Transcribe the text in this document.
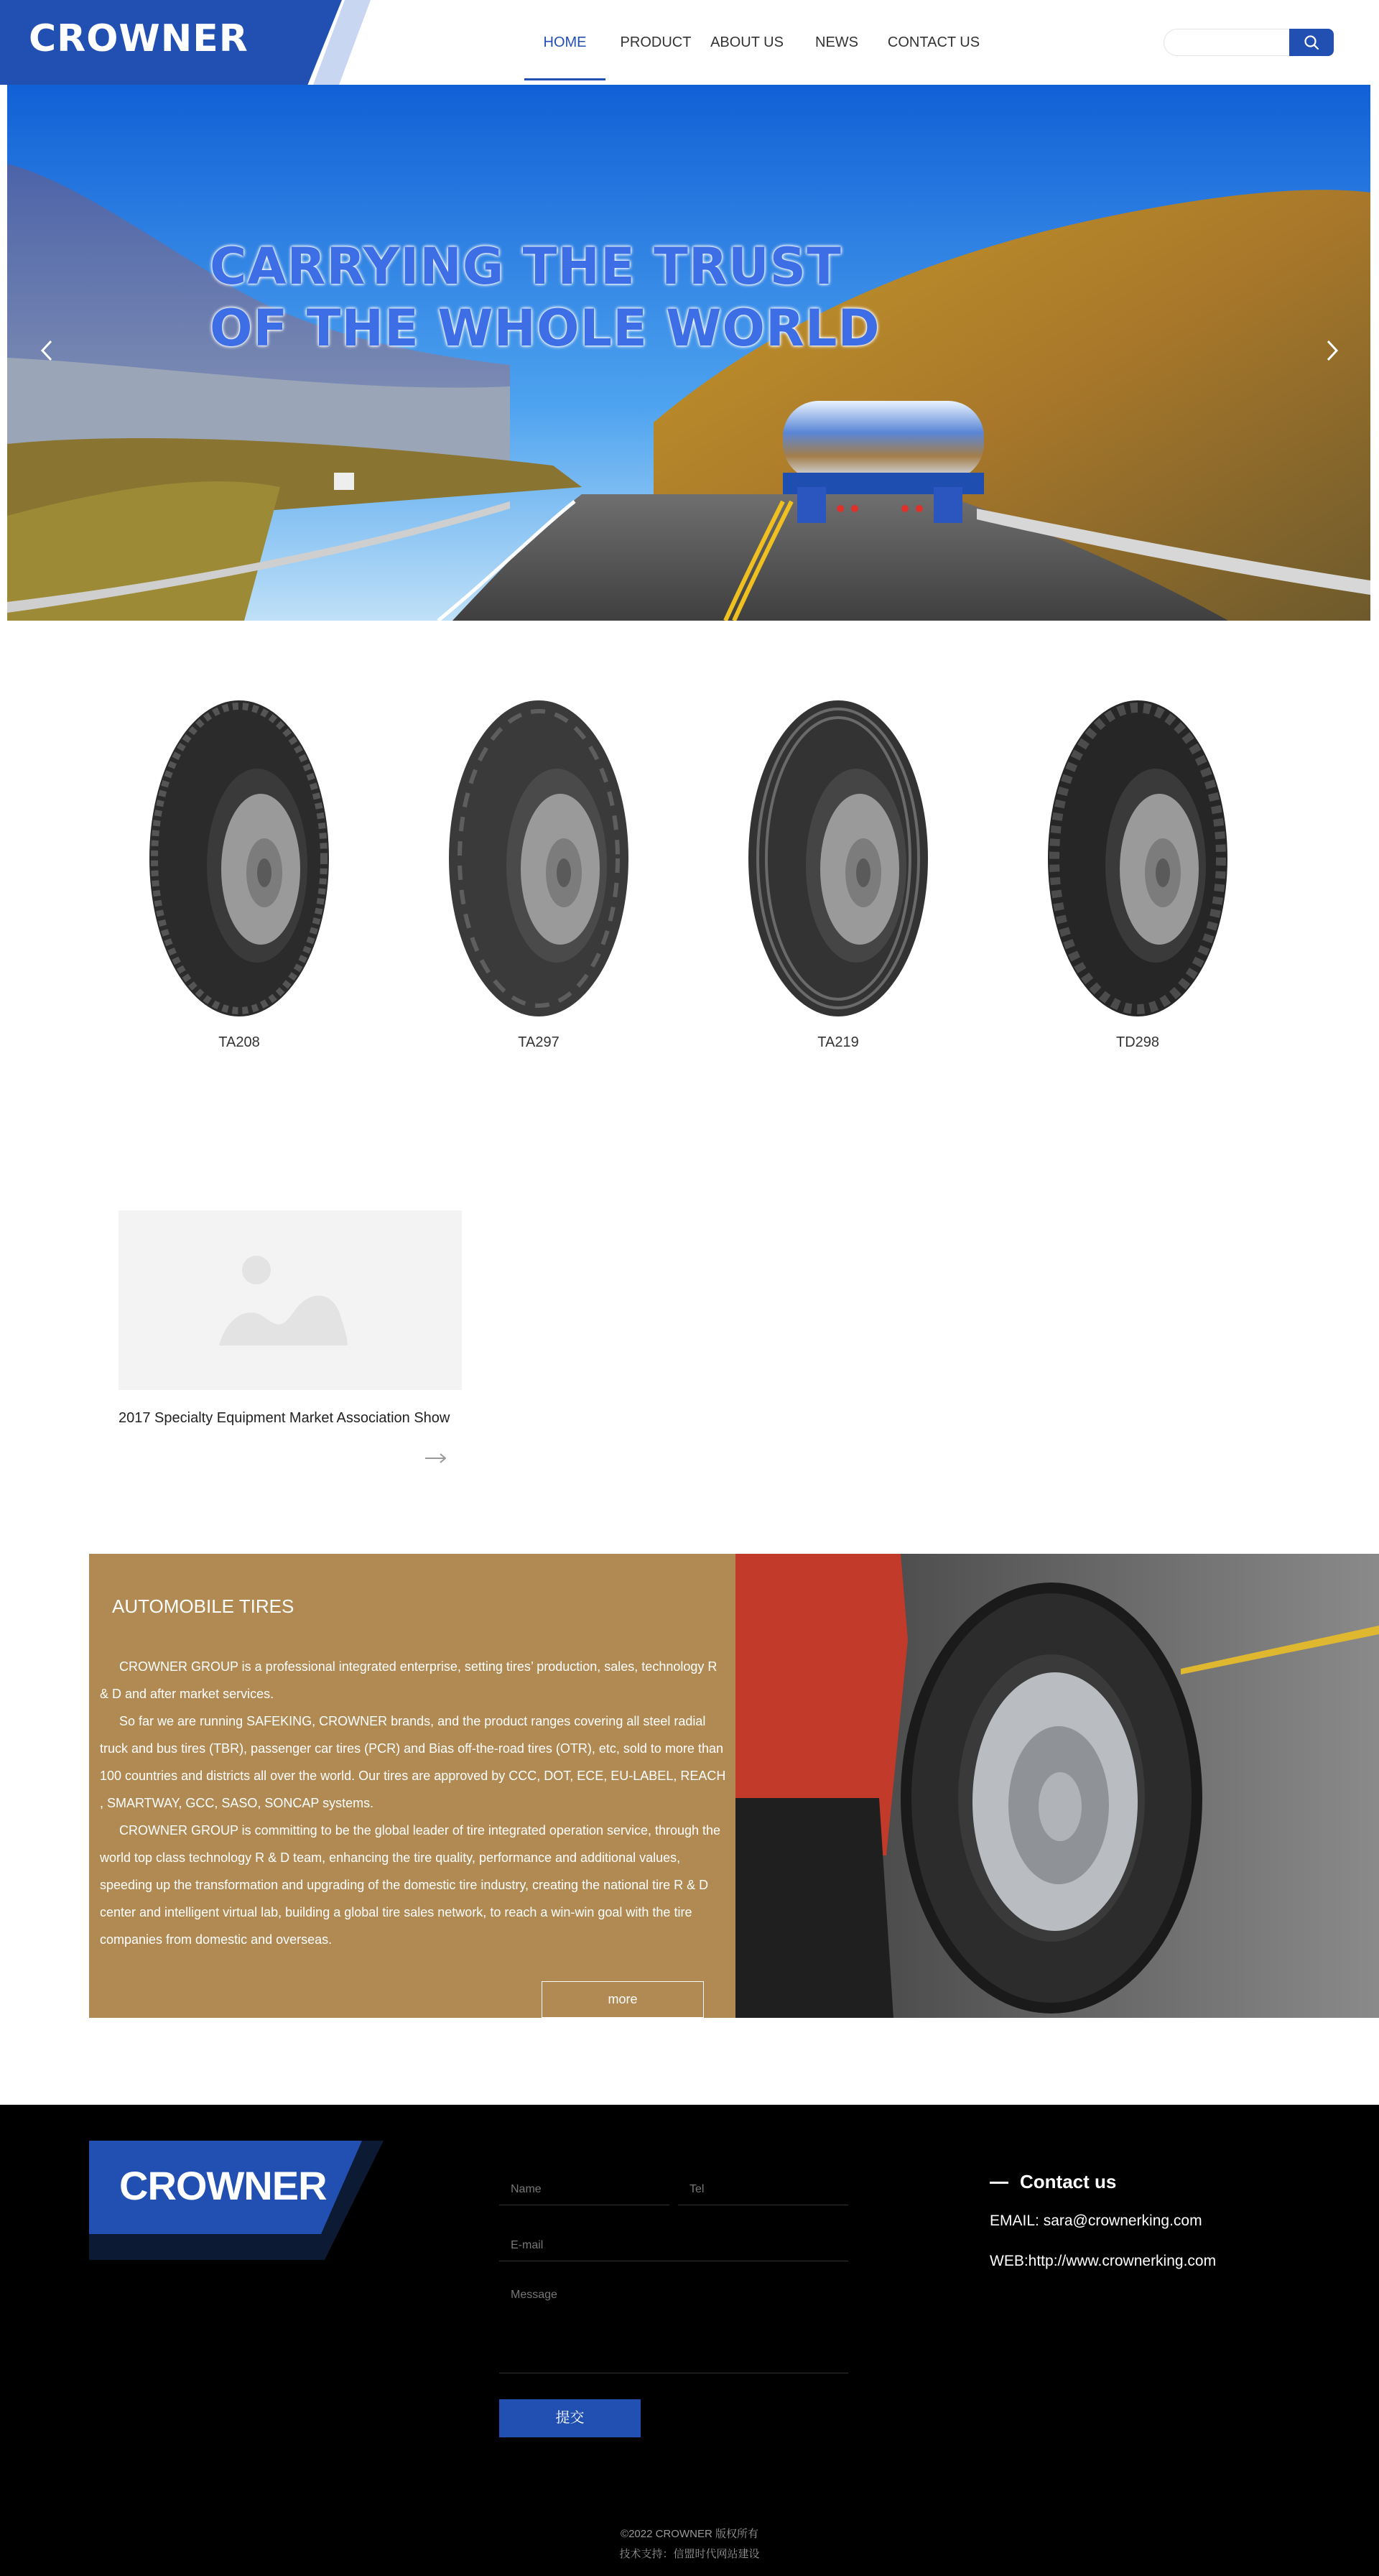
CROWNER	HOME	PRODUCT	ABOUT US	NEWS	CONTACT US
CARRYING THE TRUST
OF THE WHOLE WORLD
TA208	TA297	TA219	TD298
2017 Specialty Equipment Market Association Show
AUTOMOBILE TIRES

CROWNER GROUP is a professional integrated enterprise, setting tires’ production, sales, technology R & D and after market services.

So far we are running SAFEKING, CROWNER brands, and the product ranges covering all steel radial truck and bus tires (TBR), passenger car tires (PCR) and Bias off-the-road tires (OTR), etc, sold to more than 100 countries and districts all over the world. Our tires are approved by CCC, DOT, ECE, EU-LABEL, REACH , SMARTWAY, GCC, SASO, SONCAP systems.

CROWNER GROUP is committing to be the global leader of tire integrated operation service, through the world top class technology R & D team, enhancing the tire quality, performance and additional values, speeding up the transformation and upgrading of the domestic tire industry, creating the national tire R & D center and intelligent virtual lab, building a global tire sales network, to reach a win-win goal with the tire companies from domestic and overseas.

more
CROWNER
Name
Tel
E-mail
Message
提交
Contact us
EMAIL: sara@crownerking.com
WEB:http://www.crownerking.com
©2022 CROWNER 版权所有
技术支持：信盟时代网站建设
